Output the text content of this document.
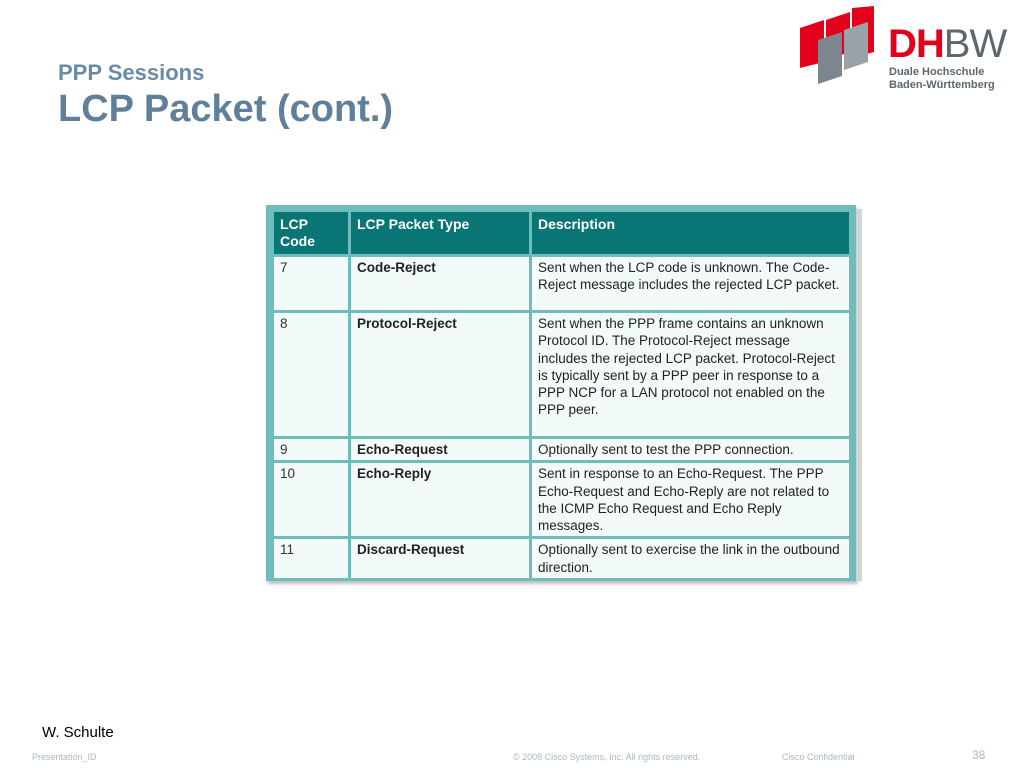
PPP Sessions
LCP Packet (cont.)
DHBW
Duale Hochschule
Baden-Württemberg
LCP Code	LCP Packet Type	Description
7	Code-Reject	Sent when the LCP code is unknown. The Code-Reject message includes the rejected LCP packet.
8	Protocol-Reject	Sent when the PPP frame contains an unknown Protocol ID. The Protocol-Reject message includes the rejected LCP packet. Protocol-Reject is typically sent by a PPP peer in response to a PPP NCP for a LAN protocol not enabled on the PPP peer.
9	Echo-Request	Optionally sent to test the PPP connection.
10	Echo-Reply	Sent in response to an Echo-Request. The PPP Echo-Request and Echo-Reply are not related to the ICMP Echo Request and Echo Reply messages.
11	Discard-Request	Optionally sent to exercise the link in the outbound direction.
W. Schulte
Presentation_ID	© 2008 Cisco Systems, Inc. All rights reserved.	Cisco Confidential	38
